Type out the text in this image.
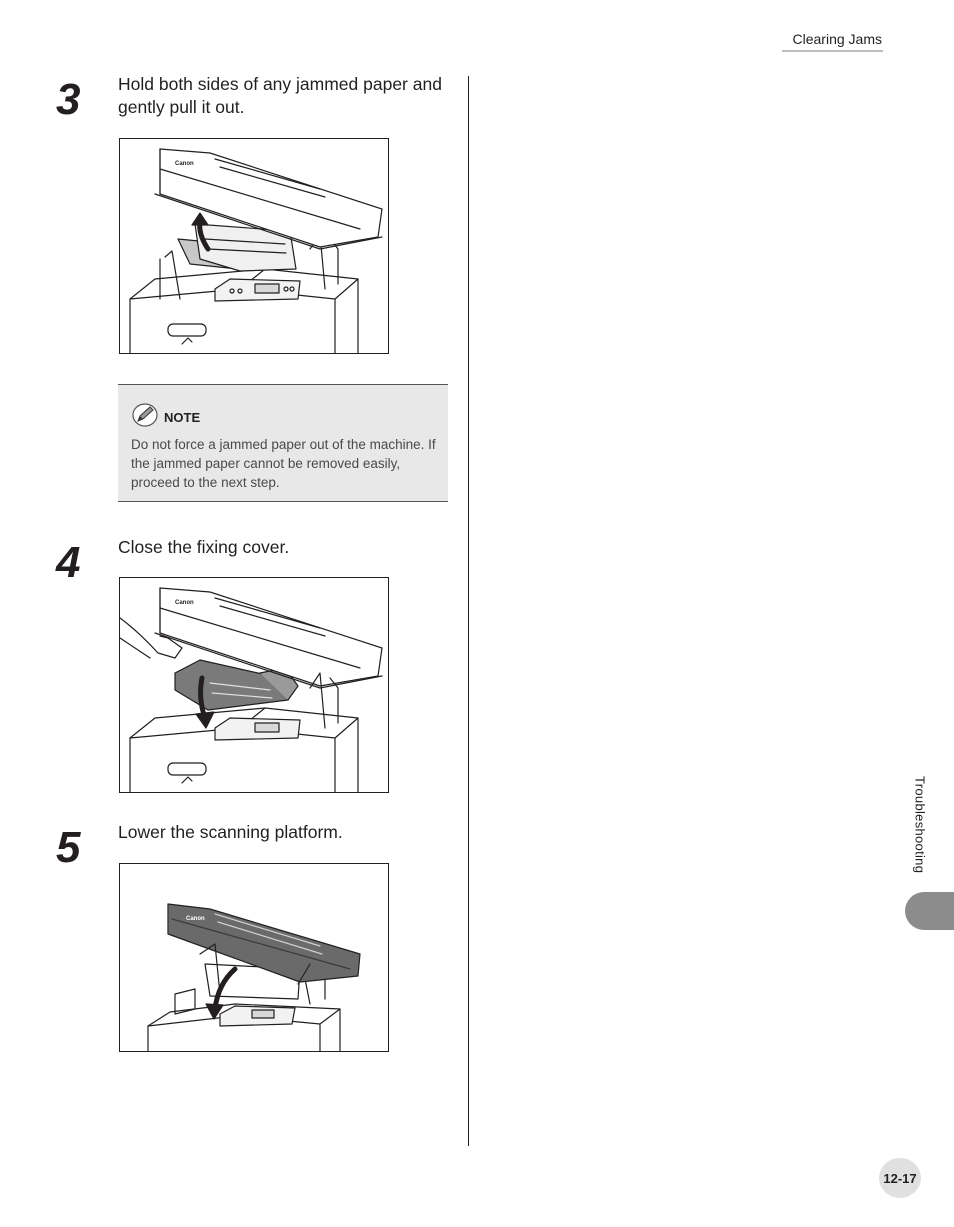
Clearing Jams
3 Hold both sides of any jammed paper and gently pull it out.
Canon
NOTE
Do not force a jammed paper out of the machine. If the jammed paper cannot be removed easily, proceed to the next step.
4 Close the fixing cover.
Canon
5 Lower the scanning platform.
Canon
Troubleshooting
12-17
